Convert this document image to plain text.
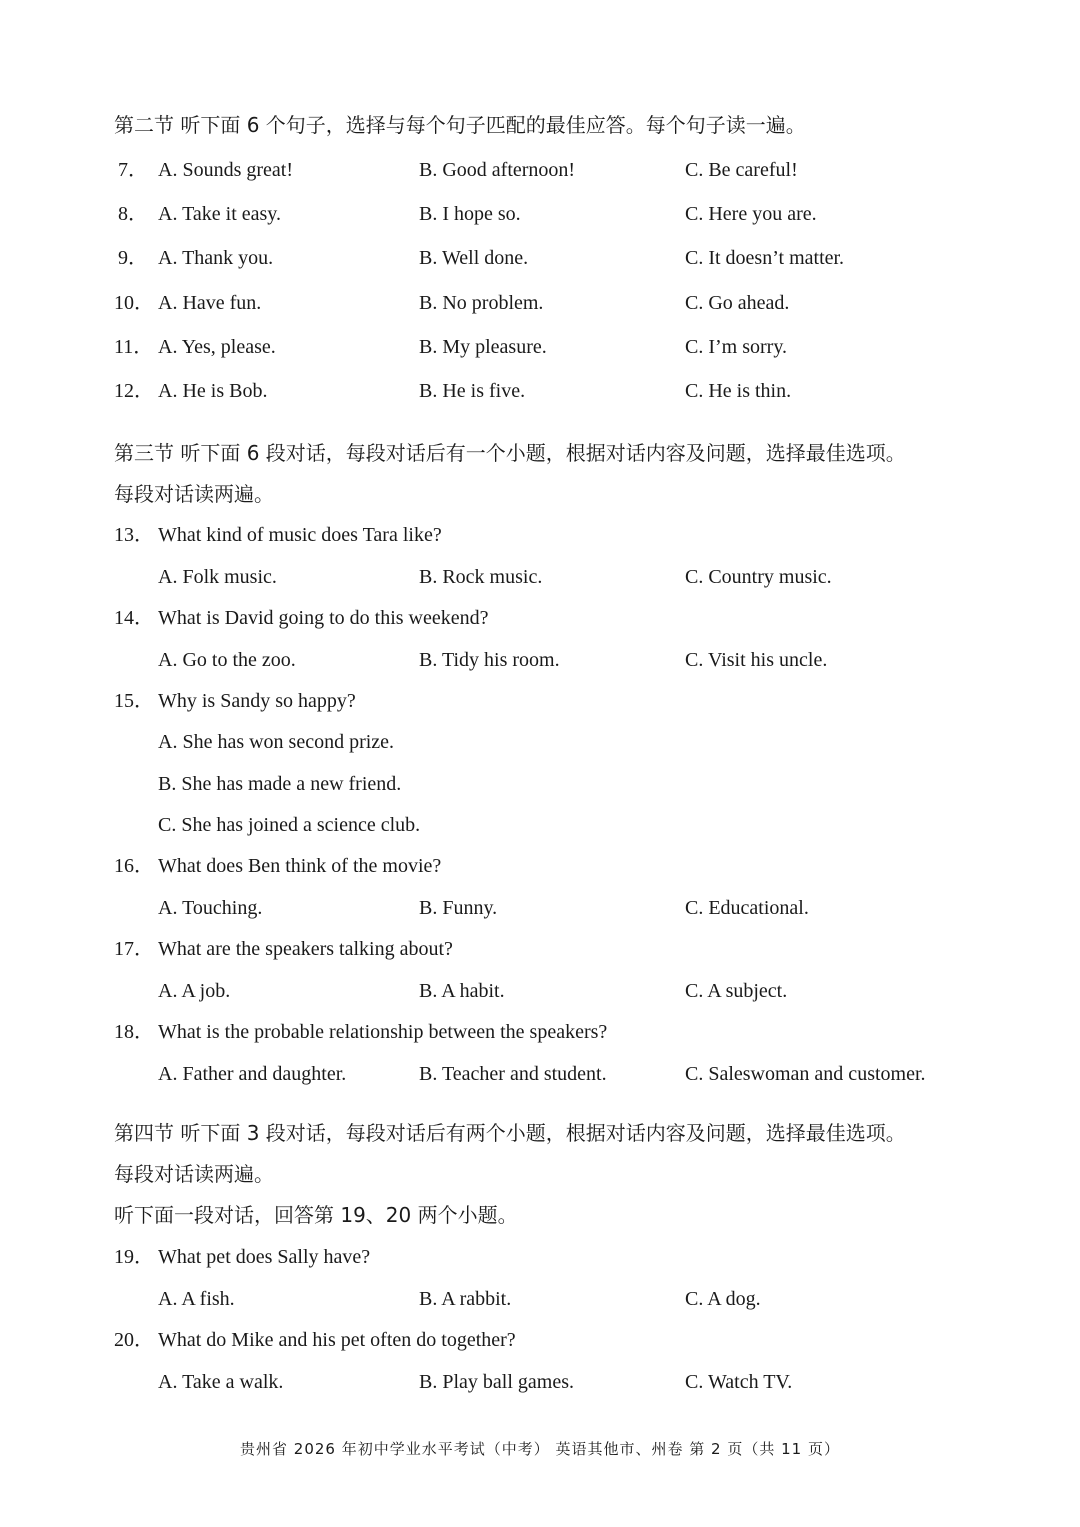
第二节 听下面 6 个句子，选择与每个句子匹配的最佳应答。每个句子读一遍。
7． A. Sounds great!	B. Good afternoon!	C. Be careful!
8． A. Take it easy.	B. I hope so.	C. Here you are.
9． A. Thank you.	B. Well done.	C. It doesn’t matter.
10． A. Have fun.	B. No problem.	C. Go ahead.
11． A. Yes, please.	B. My pleasure.	C. I’m sorry.
12． A. He is Bob.	B. He is five.	C. He is thin.
第三节 听下面 6 段对话，每段对话后有一个小题，根据对话内容及问题，选择最佳选项。
每段对话读两遍。
13． What kind of music does Tara like?
A. Folk music.	B. Rock music.	C. Country music.
14． What is David going to do this weekend?
A. Go to the zoo.	B. Tidy his room.	C. Visit his uncle.
15． Why is Sandy so happy?
A. She has won second prize.
B. She has made a new friend.
C. She has joined a science club.
16． What does Ben think of the movie?
A. Touching.	B. Funny.	C. Educational.
17． What are the speakers talking about?
A. A job.	B. A habit.	C. A subject.
18． What is the probable relationship between the speakers?
A. Father and daughter.	B. Teacher and student.	C. Saleswoman and customer.
第四节 听下面 3 段对话，每段对话后有两个小题，根据对话内容及问题，选择最佳选项。
每段对话读两遍。
听下面一段对话，回答第 19、20 两个小题。
19． What pet does Sally have?
A. A fish.	B. A rabbit.	C. A dog.
20． What do Mike and his pet often do together?
A. Take a walk.	B. Play ball games.	C. Watch TV.
贵州省 2026 年初中学业水平考试（中考） 英语其他市、州卷 第 2 页（共 11 页）
